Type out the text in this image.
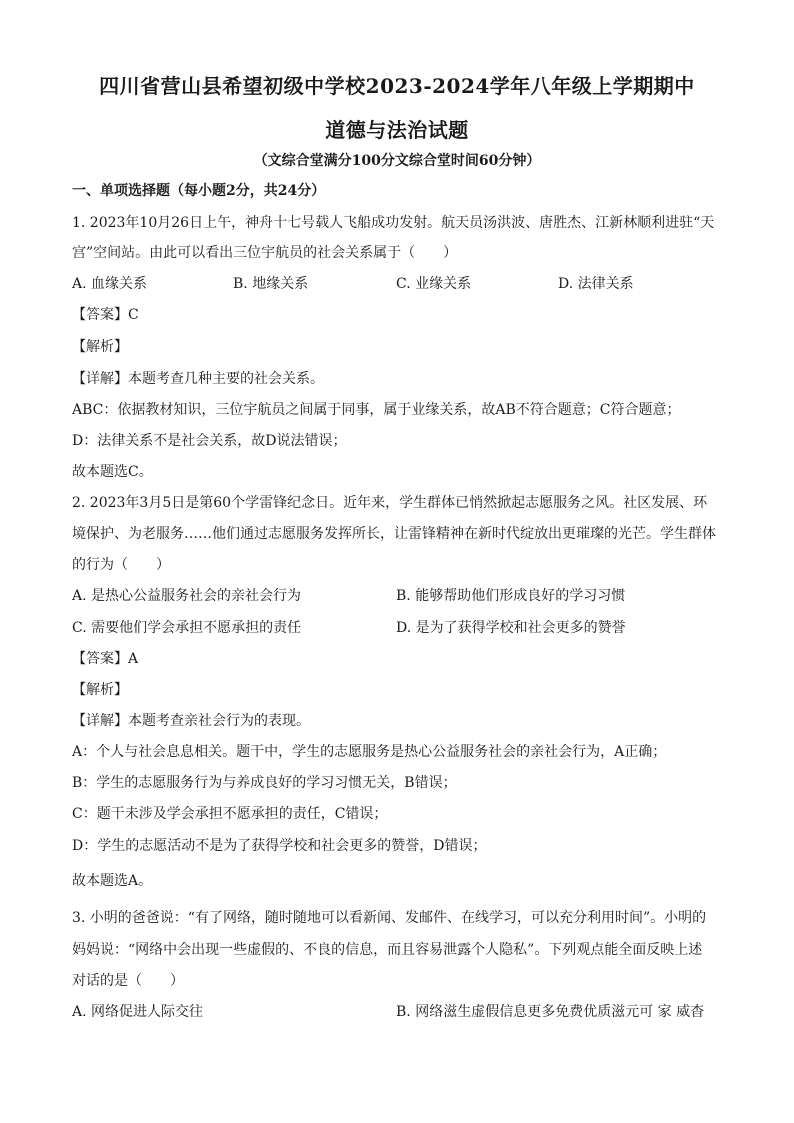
四川省营山县希望初级中学校2023-2024学年八年级上学期期中
道德与法治试题
（文综合堂满分100分文综合堂时间60分钟）
一、单项选择题（每小题2分，共24分）
1. 2023年10月26日上午，神舟十七号载人飞船成功发射。航天员汤洪波、唐胜杰、江新林顺利进驻“天
宫”空间站。由此可以看出三位宇航员的社会关系属于（　　）
A. 血缘关系	B. 地缘关系	C. 业缘关系	D. 法律关系
【答案】C
【解析】
【详解】本题考查几种主要的社会关系。
ABC：依据教材知识，三位宇航员之间属于同事，属于业缘关系，故AB不符合题意；C符合题意；
D：法律关系不是社会关系，故D说法错误；
故本题选C。
2. 2023年3月5日是第60个学雷锋纪念日。近年来，学生群体已悄然掀起志愿服务之风。社区发展、环
境保护、为老服务……他们通过志愿服务发挥所长，让雷锋精神在新时代绽放出更璀璨的光芒。学生群体
的行为（　　）
A. 是热心公益服务社会的亲社会行为	B. 能够帮助他们形成良好的学习习惯
C. 需要他们学会承担不愿承担的责任	D. 是为了获得学校和社会更多的赞誉
【答案】A
【解析】
【详解】本题考查亲社会行为的表现。
A：个人与社会息息相关。题干中，学生的志愿服务是热心公益服务社会的亲社会行为，A正确；
B：学生的志愿服务行为与养成良好的学习习惯无关，B错误；
C：题干未涉及学会承担不愿承担的责任，C错误；
D：学生的志愿活动不是为了获得学校和社会更多的赞誉，D错误；
故本题选A。
3. 小明的爸爸说：“有了网络，随时随地可以看新闻、发邮件、在线学习，可以充分利用时间”。小明的
妈妈说：“网络中会出现一些虚假的、不良的信息，而且容易泄露个人隐私”。下列观点能全面反映上述
对话的是（　　）
A. 网络促进人际交往	B. 网络滋生虚假信息更多免费优质滋元可 家 威杳
